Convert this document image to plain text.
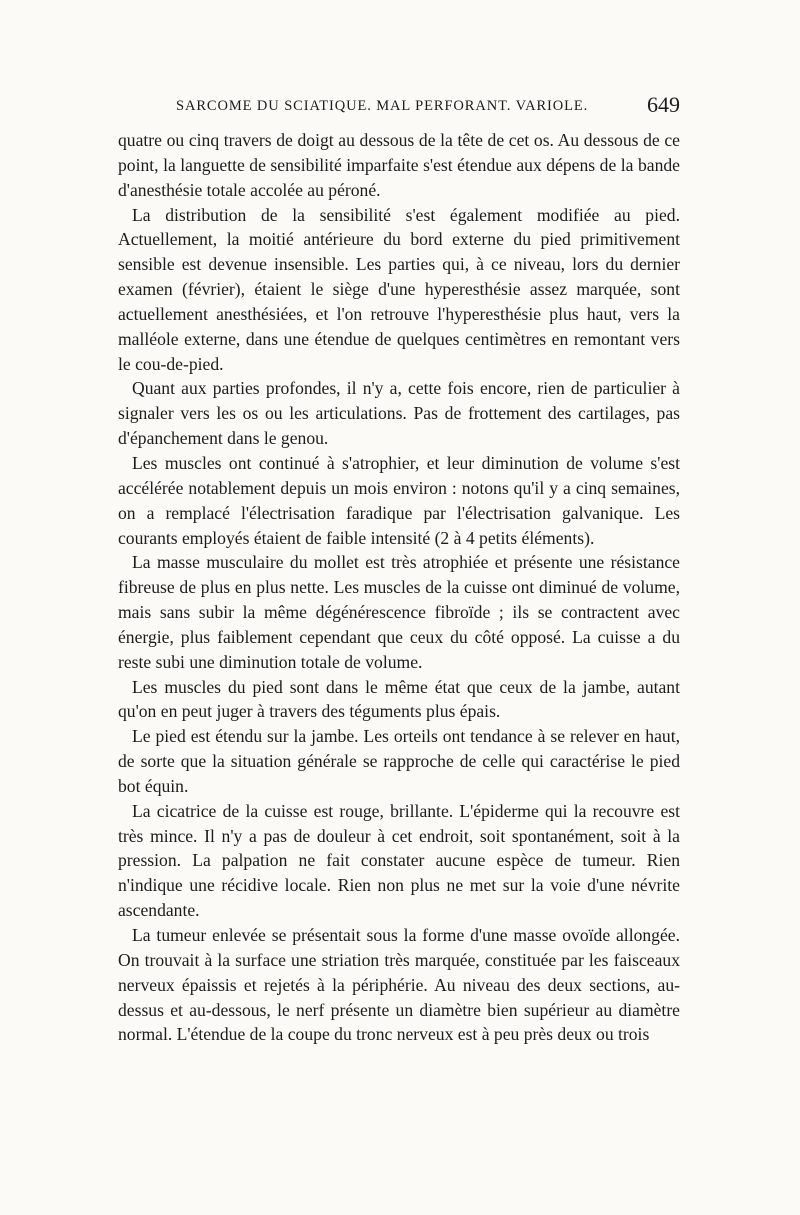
SARCOME DU SCIATIQUE. MAL PERFORANT. VARIOLE.	649

quatre ou cinq travers de doigt au dessous de la tête de cet os. Au dessous de ce point, la languette de sensibilité imparfaite s'est étendue aux dépens de la bande d'anesthésie totale accolée au péroné.

La distribution de la sensibilité s'est également modifiée au pied. Actuellement, la moitié antérieure du bord externe du pied primitivement sensible est devenue insensible. Les parties qui, à ce niveau, lors du dernier examen (février), étaient le siège d'une hyperesthésie assez marquée, sont actuellement anesthésiées, et l'on retrouve l'hyperesthésie plus haut, vers la malléole externe, dans une étendue de quelques centimètres en remontant vers le cou-de-pied.

Quant aux parties profondes, il n'y a, cette fois encore, rien de particulier à signaler vers les os ou les articulations. Pas de frottement des cartilages, pas d'épanchement dans le genou.

Les muscles ont continué à s'atrophier, et leur diminution de volume s'est accélérée notablement depuis un mois environ : notons qu'il y a cinq semaines, on a remplacé l'électrisation faradique par l'électrisation galvanique. Les courants employés étaient de faible intensité (2 à 4 petits éléments).

La masse musculaire du mollet est très atrophiée et présente une résistance fibreuse de plus en plus nette. Les muscles de la cuisse ont diminué de volume, mais sans subir la même dégénérescence fibroïde ; ils se contractent avec énergie, plus faiblement cependant que ceux du côté opposé. La cuisse a du reste subi une diminution totale de volume.

Les muscles du pied sont dans le même état que ceux de la jambe, autant qu'on en peut juger à travers des téguments plus épais.

Le pied est étendu sur la jambe. Les orteils ont tendance à se relever en haut, de sorte que la situation générale se rapproche de celle qui caractérise le pied bot équin.

La cicatrice de la cuisse est rouge, brillante. L'épiderme qui la recouvre est très mince. Il n'y a pas de douleur à cet endroit, soit spontanément, soit à la pression. La palpation ne fait constater aucune espèce de tumeur. Rien n'indique une récidive locale. Rien non plus ne met sur la voie d'une névrite ascendante.

La tumeur enlevée se présentait sous la forme d'une masse ovoïde allongée. On trouvait à la surface une striation très marquée, constituée par les faisceaux nerveux épaissis et rejetés à la périphérie. Au niveau des deux sections, au-dessus et au-dessous, le nerf présente un diamètre bien supérieur au diamètre normal. L'étendue de la coupe du tronc nerveux est à peu près deux ou trois
